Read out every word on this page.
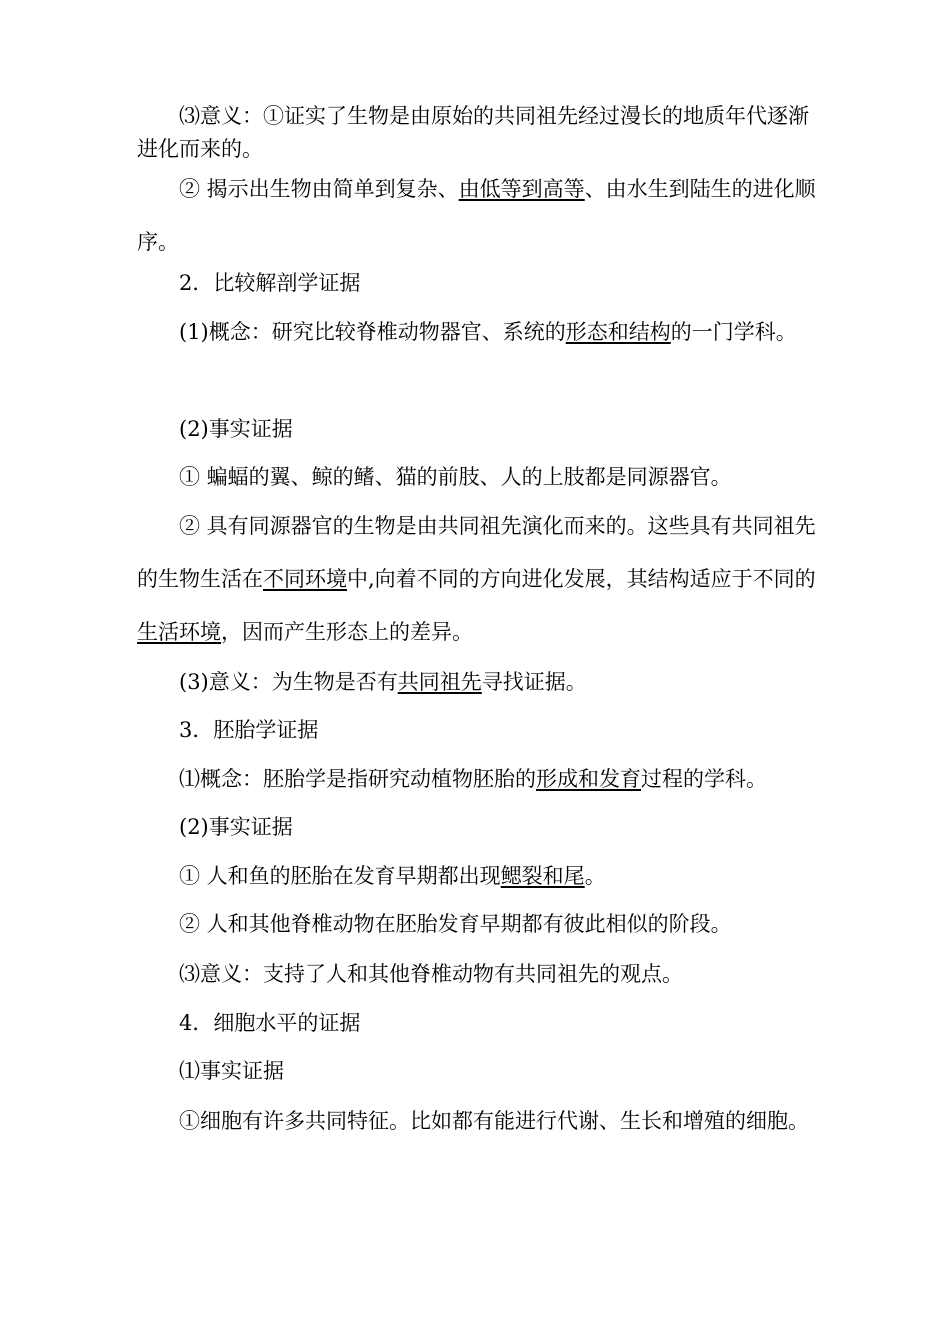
⑶意义：①证实了生物是由原始的共同祖先经过漫长的地质年代逐渐进化而来的。

② 揭示出生物由简单到复杂、由低等到高等、由水生到陆生的进化顺序。

2．比较解剖学证据

(1)概念：研究比较脊椎动物器官、系统的形态和结构的一门学科。

(2)事实证据

① 蝙蝠的翼、鲸的鳍、猫的前肢、人的上肢都是同源器官。

② 具有同源器官的生物是由共同祖先演化而来的。这些具有共同祖先的生物生活在不同环境中,向着不同的方向进化发展，其结构适应于不同的生活环境，因而产生形态上的差异。

(3)意义：为生物是否有共同祖先寻找证据。

3．胚胎学证据

⑴概念：胚胎学是指研究动植物胚胎的形成和发育过程的学科。

(2)事实证据

① 人和鱼的胚胎在发育早期都出现鳃裂和尾。

② 人和其他脊椎动物在胚胎发育早期都有彼此相似的阶段。

⑶意义：支持了人和其他脊椎动物有共同祖先的观点。

4．细胞水平的证据

⑴事实证据

①细胞有许多共同特征。比如都有能进行代谢、生长和增殖的细胞。
